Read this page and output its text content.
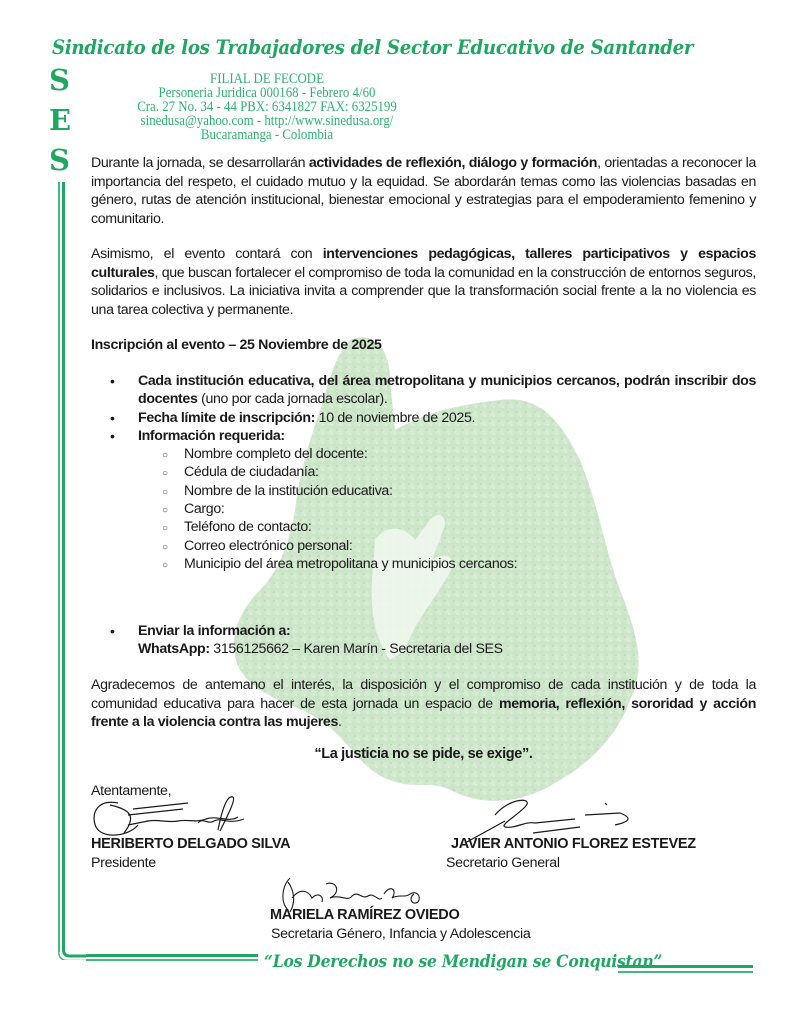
Sindicato de los Trabajadores del Sector Educativo de Santander
S
E
S
FILIAL DE FECODE
Personeria Juridica 000168 - Febrero 4/60
Cra. 27 No. 34 - 44 PBX: 6341827 FAX: 6325199
sinedusa@yahoo.com - http://www.sinedusa.org/
Bucaramanga - Colombia
Durante la jornada, se desarrollarán actividades de reflexión, diálogo y formación, orientadas a reconocer la importancia del respeto, el cuidado mutuo y la equidad. Se abordarán temas como las violencias basadas en género, rutas de atención institucional, bienestar emocional y estrategias para el empoderamiento femenino y comunitario.
Asimismo, el evento contará con intervenciones pedagógicas, talleres participativos y espacios culturales, que buscan fortalecer el compromiso de toda la comunidad en la construcción de entornos seguros, solidarios e inclusivos. La iniciativa invita a comprender que la transformación social frente a la no violencia es una tarea colectiva y permanente.
Inscripción al evento – 25 Noviembre de 2025
• Cada institución educativa, del área metropolitana y municipios cercanos, podrán inscribir dos docentes (uno por cada jornada escolar).
• Fecha límite de inscripción: 10 de noviembre de 2025.
• Información requerida:
○ Nombre completo del docente:
○ Cédula de ciudadanía:
○ Nombre de la institución educativa:
○ Cargo:
○ Teléfono de contacto:
○ Correo electrónico personal:
○ Municipio del área metropolitana y municipios cercanos:
• Enviar la información a:
WhatsApp: 3156125662 – Karen Marín - Secretaria del SES
Agradecemos de antemano el interés, la disposición y el compromiso de cada institución y de toda la comunidad educativa para hacer de esta jornada un espacio de memoria, reflexión, sororidad y acción frente a la violencia contra las mujeres.
“La justicia no se pide, se exige”.
Atentamente,
HERIBERTO DELGADO SILVA
Presidente
JAVIER ANTONIO FLOREZ ESTEVEZ
Secretario General
MARIELA RAMÍREZ OVIEDO
Secretaria Género, Infancia y Adolescencia
“Los Derechos no se Mendigan se Conquistan”
